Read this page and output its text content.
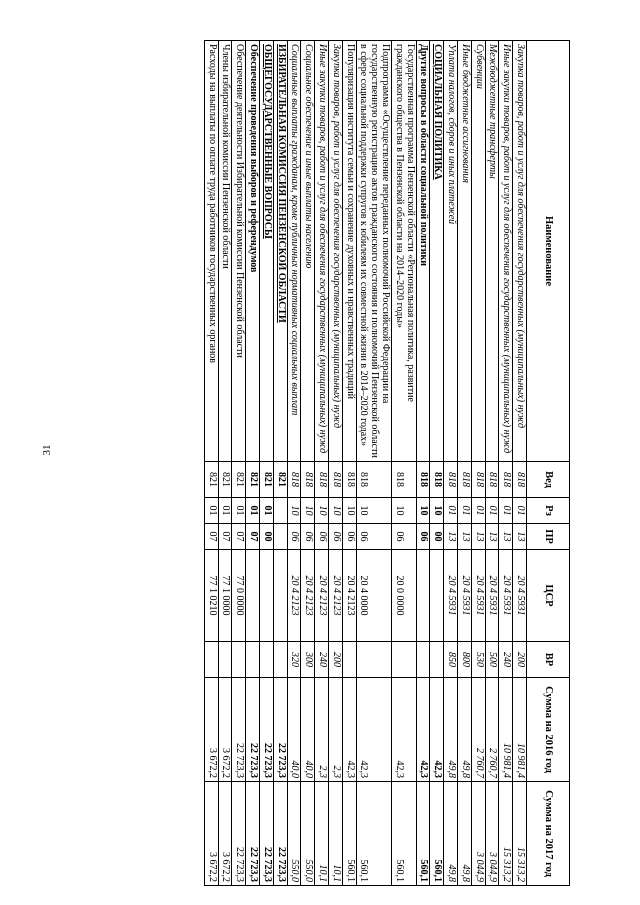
31
Наименование	Вед	Рз	ПР	ЦСР	ВР	Сумма на 2016 год	Сумма на 2017 год
Закупка товаров, работ и услуг для обеспечения государственных (муниципальных) нужд	818	01	13	20 4 5931	200	10 981,4	15 313,2
Иные закупки товаров, работ и услуг для обеспечения государственных (муниципальных) нужд	818	01	13	20 4 5931	240	10 981,4	15 313,2
Межбюджетные трансферты	818	01	13	20 4 5931	500	2 760,7	3 044,9
Субвенции	818	01	13	20 4 5931	530	2 760,7	3 044,9
Иные бюджетные ассигнования	818	01	13	20 4 5931	800	49,8	49,8
Уплата налогов, сборов и иных платежей	818	01	13	20 4 5931	850	49,8	49,8
СОЦИАЛЬНАЯ ПОЛИТИКА	818	10	00			42,3	560,1
Другие вопросы в области социальной политики	818	10	06			42,3	560,1
Государственная программа Пензенской области «Региональная политика, развитие гражданского общества в Пензенской области на 2014–2020 годы»	818	10	06	20 0 0000		42,3	560,1
Подпрограмма «Осуществление переданных полномочий Российской Федерации на государственную регистрацию актов гражданского состояния и полномочий Пензенской области в сфере социальной поддержки супругов к юбилеям их совместной жизни в 2014–2020 годах»	818	10	06	20 4 0000		42,3	560,1
Популяризация института семьи и сохранение духовных и нравственных традиций	818	10	06	20 4 2123		42,3	560,1
Закупка товаров, работ и услуг для обеспечения государственных (муниципальных) нужд	818	10	06	20 4 2123	200	2,3	10,1
Иные закупки товаров, работ и услуг для обеспечения государственных (муниципальных) нужд	818	10	06	20 4 2123	240	2,3	10,1
Социальное обеспечение и иные выплаты населению	818	10	06	20 4 2123	300	40,0	550,0
Социальные выплаты гражданам, кроме публичных нормативных социальных выплат	818	10	06	20 4 2123	320	40,0	550,0
ИЗБИРАТЕЛЬНАЯ КОМИССИЯ ПЕНЗЕНСКОЙ ОБЛАСТИ	821					22 723,3	22 723,3
ОБЩЕГОСУДАРСТВЕННЫЕ ВОПРОСЫ	821	01	00			22 723,3	22 723,3
Обеспечение проведения выборов и референдумов	821	01	07			22 723,3	22 723,3
Обеспечение деятельности Избирательной комиссии Пензенской области	821	01	07	77 0 0000		22 723,3	22 723,3
Члены избирательной комиссии Пензенской области	821	01	07	77 1 0000		3 672,2	3 672,2
Расходы на выплаты по оплате труда работников государственных органов	821	01	07	77 1 0210		3 672,2	3 672,2
